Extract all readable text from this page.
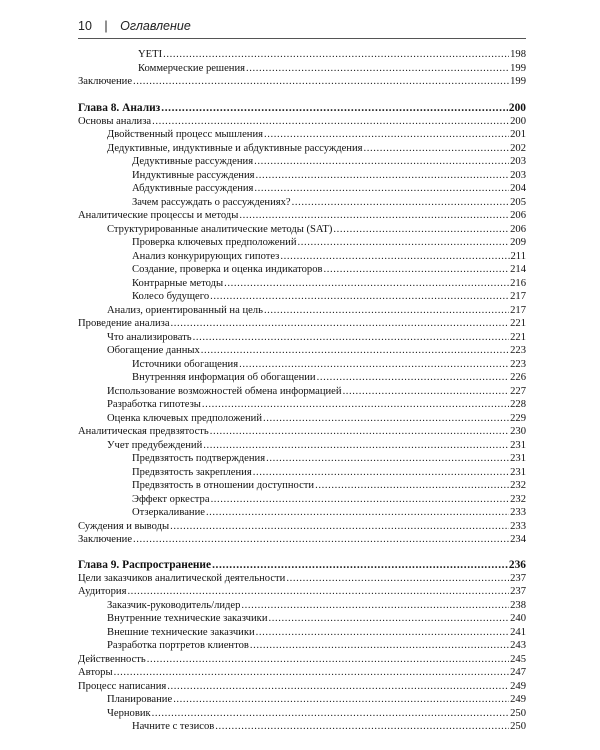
10 | Оглавление
YETI .....	198
Коммерческие решения .....	199
Заключение .....	199
Глава 8. Анализ .....	200
Основы анализа .....	200
Двойственный процесс мышления .....	201
Дедуктивные, индуктивные и абдуктивные рассуждения .....	202
Дедуктивные рассуждения .....	203
Индуктивные рассуждения .....	203
Абдуктивные рассуждения .....	204
Зачем рассуждать о рассуждениях? .....	205
Аналитические процессы и методы .....	206
Структурированные аналитические методы (SAT) .....	206
Проверка ключевых предположений .....	209
Анализ конкурирующих гипотез .....	211
Создание, проверка и оценка индикаторов .....	214
Контрарные методы .....	216
Колесо будущего .....	217
Анализ, ориентированный на цель .....	217
Проведение анализа .....	221
Что анализировать .....	221
Обогащение данных .....	223
Источники обогащения .....	223
Внутренняя информация об обогащении .....	226
Использование возможностей обмена информацией .....	227
Разработка гипотезы .....	228
Оценка ключевых предположений .....	229
Аналитическая предвзятость .....	230
Учет предубеждений .....	231
Предвзятость подтверждения .....	231
Предвзятость закрепления .....	231
Предвзятость в отношении доступности .....	232
Эффект оркестра .....	232
Отзеркаливание .....	233
Суждения и выводы .....	233
Заключение .....	234
Глава 9. Распространение .....	236
Цели заказчиков аналитической деятельности .....	237
Аудитория .....	237
Заказчик-руководитель/лидер .....	238
Внутренние технические заказчики .....	240
Внешние технические заказчики .....	241
Разработка портретов клиентов .....	243
Действенность .....	245
Авторы .....	247
Процесс написания .....	249
Планирование .....	249
Черновик .....	250
Начните с тезисов .....	250
